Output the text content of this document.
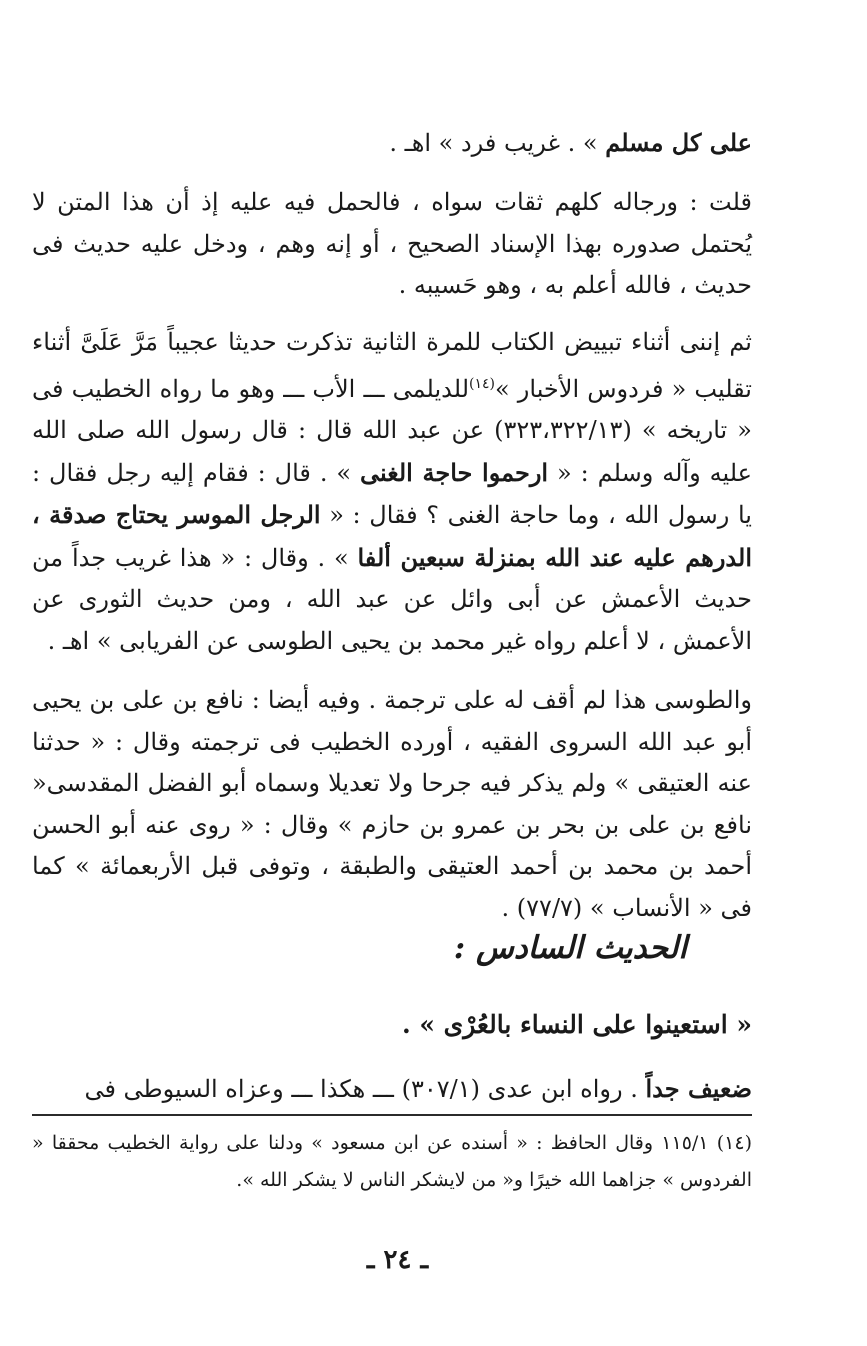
على كل مسلم » . غريب فرد » اهـ .
قلت : ورجاله كلهم ثقات سواه ، فالحمل فيه عليه إذ أن هذا المتن لا يُحتمل صدوره بهذا الإسناد الصحيح ، أو إنه وهم ، ودخل عليه حديث فى حديث ، فالله أعلم به ، وهو حَسيبه .
ثم إننى أثناء تبييض الكتاب للمرة الثانية تذكرت حديثا عجيباً مَرَّ عَلَىَّ أثناء تقليب « فردوس الأخبار »$^{(١٤)}$للديلمى ـــ الأب ـــ وهو ما رواه الخطيب فى « تاريخه » (٣٢٣،٣٢٢/١٣) عن عبد الله قال : قال رسول الله صلى الله عليه وآله وسلم : « ارحموا حاجة الغنى » . قال : فقام إليه رجل فقال : يا رسول الله ، وما حاجة الغنى ؟ فقال : « الرجل الموسر يحتاج صدقة ، الدرهم عليه عند الله بمنزلة سبعين ألفا » . وقال : « هذا غريب جداً من حديث الأعمش عن أبى وائل عن عبد الله ، ومن حديث الثورى عن الأعمش ، لا أعلم رواه غير محمد بن يحيى الطوسى عن الفريابى » اهـ .
والطوسى هذا لم أقف له على ترجمة . وفيه أيضا : نافع بن على بن يحيى أبو عبد الله السروى الفقيه ، أورده الخطيب فى ترجمته وقال : « حدثنا عنه العتيقى » ولم يذكر فيه جرحا ولا تعديلا وسماه أبو الفضل المقدسى« نافع بن على بن بحر بن عمرو بن حازم » وقال : « روى عنه أبو الحسن أحمد بن محمد بن أحمد العتيقى والطبقة ، وتوفى قبل الأربعمائة » كما فى « الأنساب » (٧٧/٧) .
الحديث السادس :
« استعينوا على النساء بالعُرْى » .
ضعيف جداً . رواه ابن عدى (٣٠٧/١) ـــ هكذا ـــ وعزاه السيوطى فى
(١٤) ١١٥/١ وقال الحافظ : « أسنده عن ابن مسعود » ودلنا على رواية الخطيب محققا « الفردوس » جزاهما الله خيرًا و« من لايشكر الناس لا يشكر الله ».
ـ ٢٤ ـ
